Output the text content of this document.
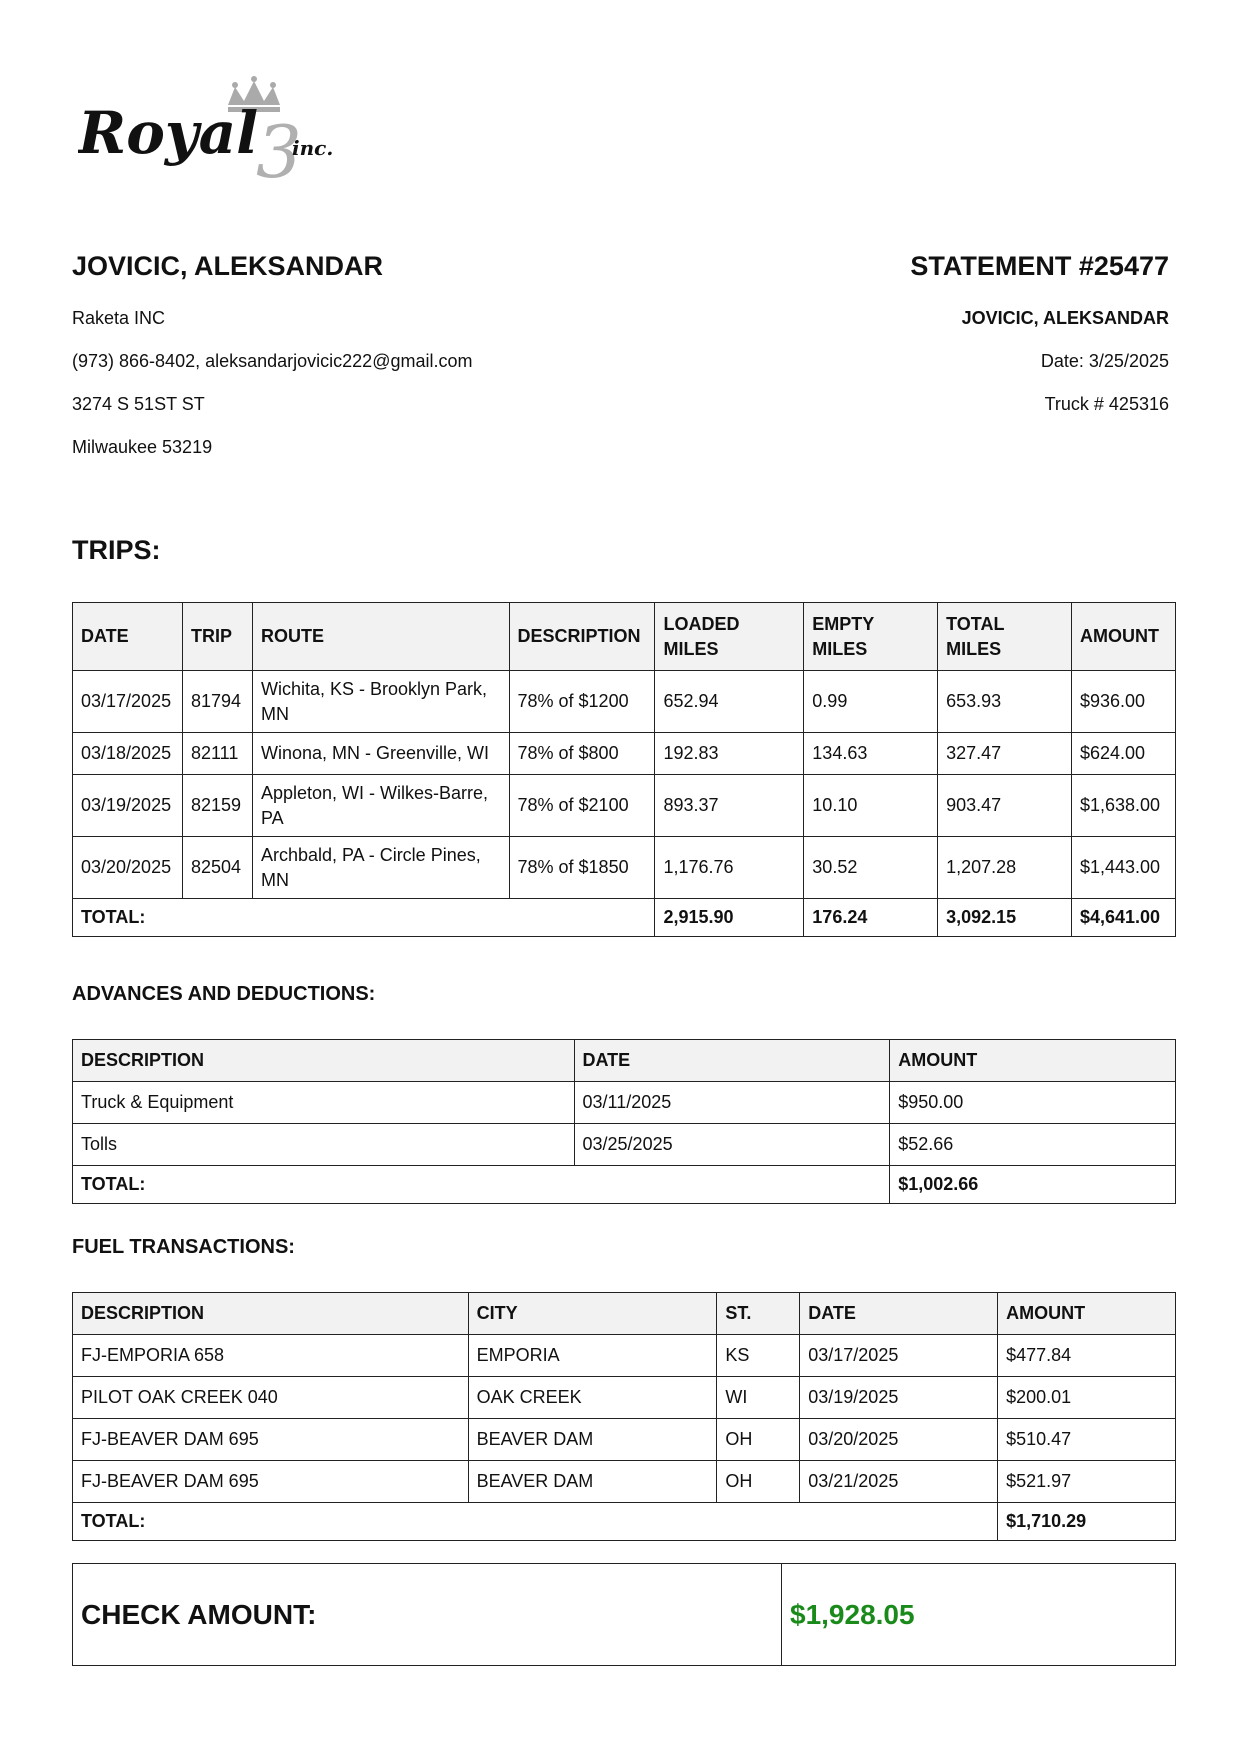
3
Royal inc.
JOVICIC, ALEKSANDAR
Raketa INC
(973) 866-8402, aleksandarjovicic222@gmail.com
3274 S 51ST ST
Milwaukee 53219
STATEMENT #25477
JOVICIC, ALEKSANDAR
Date: 3/25/2025
Truck # 425316
TRIPS:
DATE	TRIP	ROUTE	DESCRIPTION	LOADED MILES	EMPTY MILES	TOTAL MILES	AMOUNT
03/17/2025	81794	Wichita, KS - Brooklyn Park, MN	78% of $1200	652.94	0.99	653.93	$936.00
03/18/2025	82111	Winona, MN - Greenville, WI	78% of $800	192.83	134.63	327.47	$624.00
03/19/2025	82159	Appleton, WI - Wilkes-Barre, PA	78% of $2100	893.37	10.10	903.47	$1,638.00
03/20/2025	82504	Archbald, PA - Circle Pines, MN	78% of $1850	1,176.76	30.52	1,207.28	$1,443.00
TOTAL:				2,915.90	176.24	3,092.15	$4,641.00
ADVANCES AND DEDUCTIONS:
DESCRIPTION	DATE	AMOUNT
Truck & Equipment	03/11/2025	$950.00
Tolls	03/25/2025	$52.66
TOTAL:		$1,002.66
FUEL TRANSACTIONS:
DESCRIPTION	CITY	ST.	DATE	AMOUNT
FJ-EMPORIA 658	EMPORIA	KS	03/17/2025	$477.84
PILOT OAK CREEK 040	OAK CREEK	WI	03/19/2025	$200.01
FJ-BEAVER DAM 695	BEAVER DAM	OH	03/20/2025	$510.47
FJ-BEAVER DAM 695	BEAVER DAM	OH	03/21/2025	$521.97
TOTAL:				$1,710.29
CHECK AMOUNT:	$1,928.05
